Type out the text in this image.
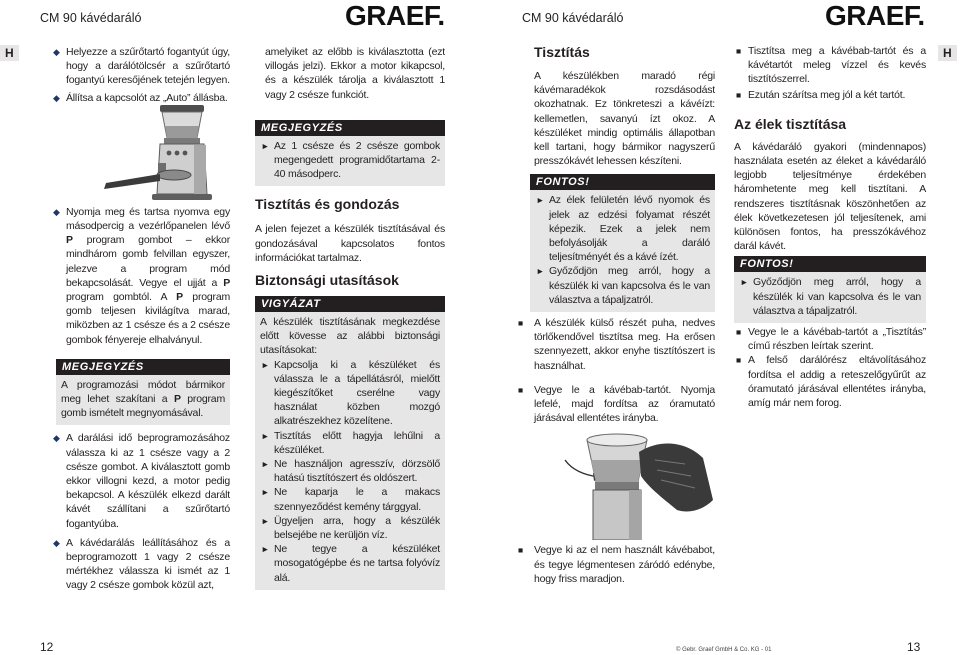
CM 90 kávédaráló	GRAEF.	CM 90 kávédaráló	GRAEF.
H	H
◆

Helyezze a szűrőtartó fogantyút úgy, hogy a darálótölcsér a szűrőtartó fogantyú keresőjének tetején legyen.

◆

Állítsa a kapcsolót az „Auto” állásba.

◆

Nyomja meg és tartsa nyomva egy másodpercig a vezérlőpanelen lévő P program gombot – ekkor mindhárom gomb felvillan egyszer, jelezve a program mód bekapcsolását. Vegye el ujját a P program gombtól. A P program gomb teljesen kivilágítva marad, miközben az 1 csésze és a 2 csésze gombok fényereje elhalványul.

MEGJEGYZÉS

A programozási módot bármikor meg lehet szakítani a P program gomb ismételt megnyomásával.

◆

A darálási idő beprogramozásához válassza ki az 1 csésze vagy a 2 csésze gombot. A kiválasztott gomb ekkor villogni kezd, a motor pedig bekapcsol. A készülék elkezd darált kávét szállítani a szűrőtartó fogantyúba.

◆

A kávédarálás leállításához és a beprogramozott 1 vagy 2 csésze mértékhez válassza ki ismét az 1 vagy 2 csésze gombok közül azt,

amelyiket az előbb is kiválasztotta (ezt villogás jelzi). Ekkor a motor kikapcsol, és a készülék tárolja a kiválasztott 1 vagy 2 csésze funkciót.

MEGJEGYZÉS
►

Az 1 csésze és 2 csésze gombok megengedett programidőtartama 2-40 másodperc.

Tisztítás és gondozás

A jelen fejezet a készülék tisztításával és gondozásával kapcsolatos fontos információkat tartalmaz.

Biztonsági utasítások
VIGYÁZAT

A készülék tisztításának megkezdése előtt kövesse az alábbi biztonsági utasításokat:

►

Kapcsolja ki a készüléket és válassza le a tápellátásról, mielőtt kiegészítőket cserélne vagy használat közben mozgó alkatrészekhez közelítene.

►

Tisztítás előtt hagyja lehűlni a készüléket.

►

Ne használjon agresszív, dörzsölő hatású tisztítószert és oldószert.

►

Ne kaparja le a makacs szennyeződést kemény tárggyal.

►

Ügyeljen arra, hogy a készülék belsejébe ne kerüljön víz.

►

Ne tegye a készüléket mosogatógépbe és ne tartsa folyóvíz alá.

Tisztítás

A készülékben maradó régi kávémaradékok rozsdásodást okozhatnak. Ez tönkreteszi a kávéízt: kellemetlen, savanyú ízt okoz. A készüléket mindig optimális állapotban kell tartani, hogy bármikor nagyszerű presszókávét lehessen készíteni.

FONTOS!
►

Az élek felületén lévő nyomok és jelek az edzési folyamat részét képezik. Ezek a jelek nem befolyásolják a daráló teljesítményét és a kávé ízét.

►

Győződjön meg arról, hogy a készülék ki van kapcsolva és le van választva a tápaljzatról.

■

A készülék külső részét puha, nedves törlőkendővel tisztítsa meg. Ha erősen szennyezett, akkor enyhe tisztítószert is használhat.

■

Vegye le a kávébab-tartót. Nyomja lefelé, majd fordítsa az óramutató járásával ellentétes irányba.

■

Vegye ki az el nem használt kávébabot, és tegye légmentesen záródó edénybe, hogy friss maradjon.

■

Tisztítsa meg a kávébab-tartót és a kávétartót meleg vízzel és kevés tisztítószerrel.

■

Ezután szárítsa meg jól a két tartót.

Az élek tisztítása

A kávédaráló gyakori (mindennapos) használata esetén az éleket a kávédaráló legjobb teljesítménye érdekében háromhetente meg kell tisztítani. A rendszeres tisztításnak köszönhetően az élek következetesen jól teljesítenek, ami különösen fontos, ha presszókávéhoz darál kávét.

FONTOS!
►

Győződjön meg arról, hogy a készülék ki van kapcsolva és le van választva a tápaljzatról.

■

Vegye le a kávébab-tartót a „Tisztítás” című részben leírtak szerint.

■

A felső darálórész eltávolításához fordítsa el addig a reteszelőgyűrűt az óramutató járásával ellentétes irányba, amíg már nem forog.

12	© Gebr. Graef GmbH & Co. KG - 01	13
